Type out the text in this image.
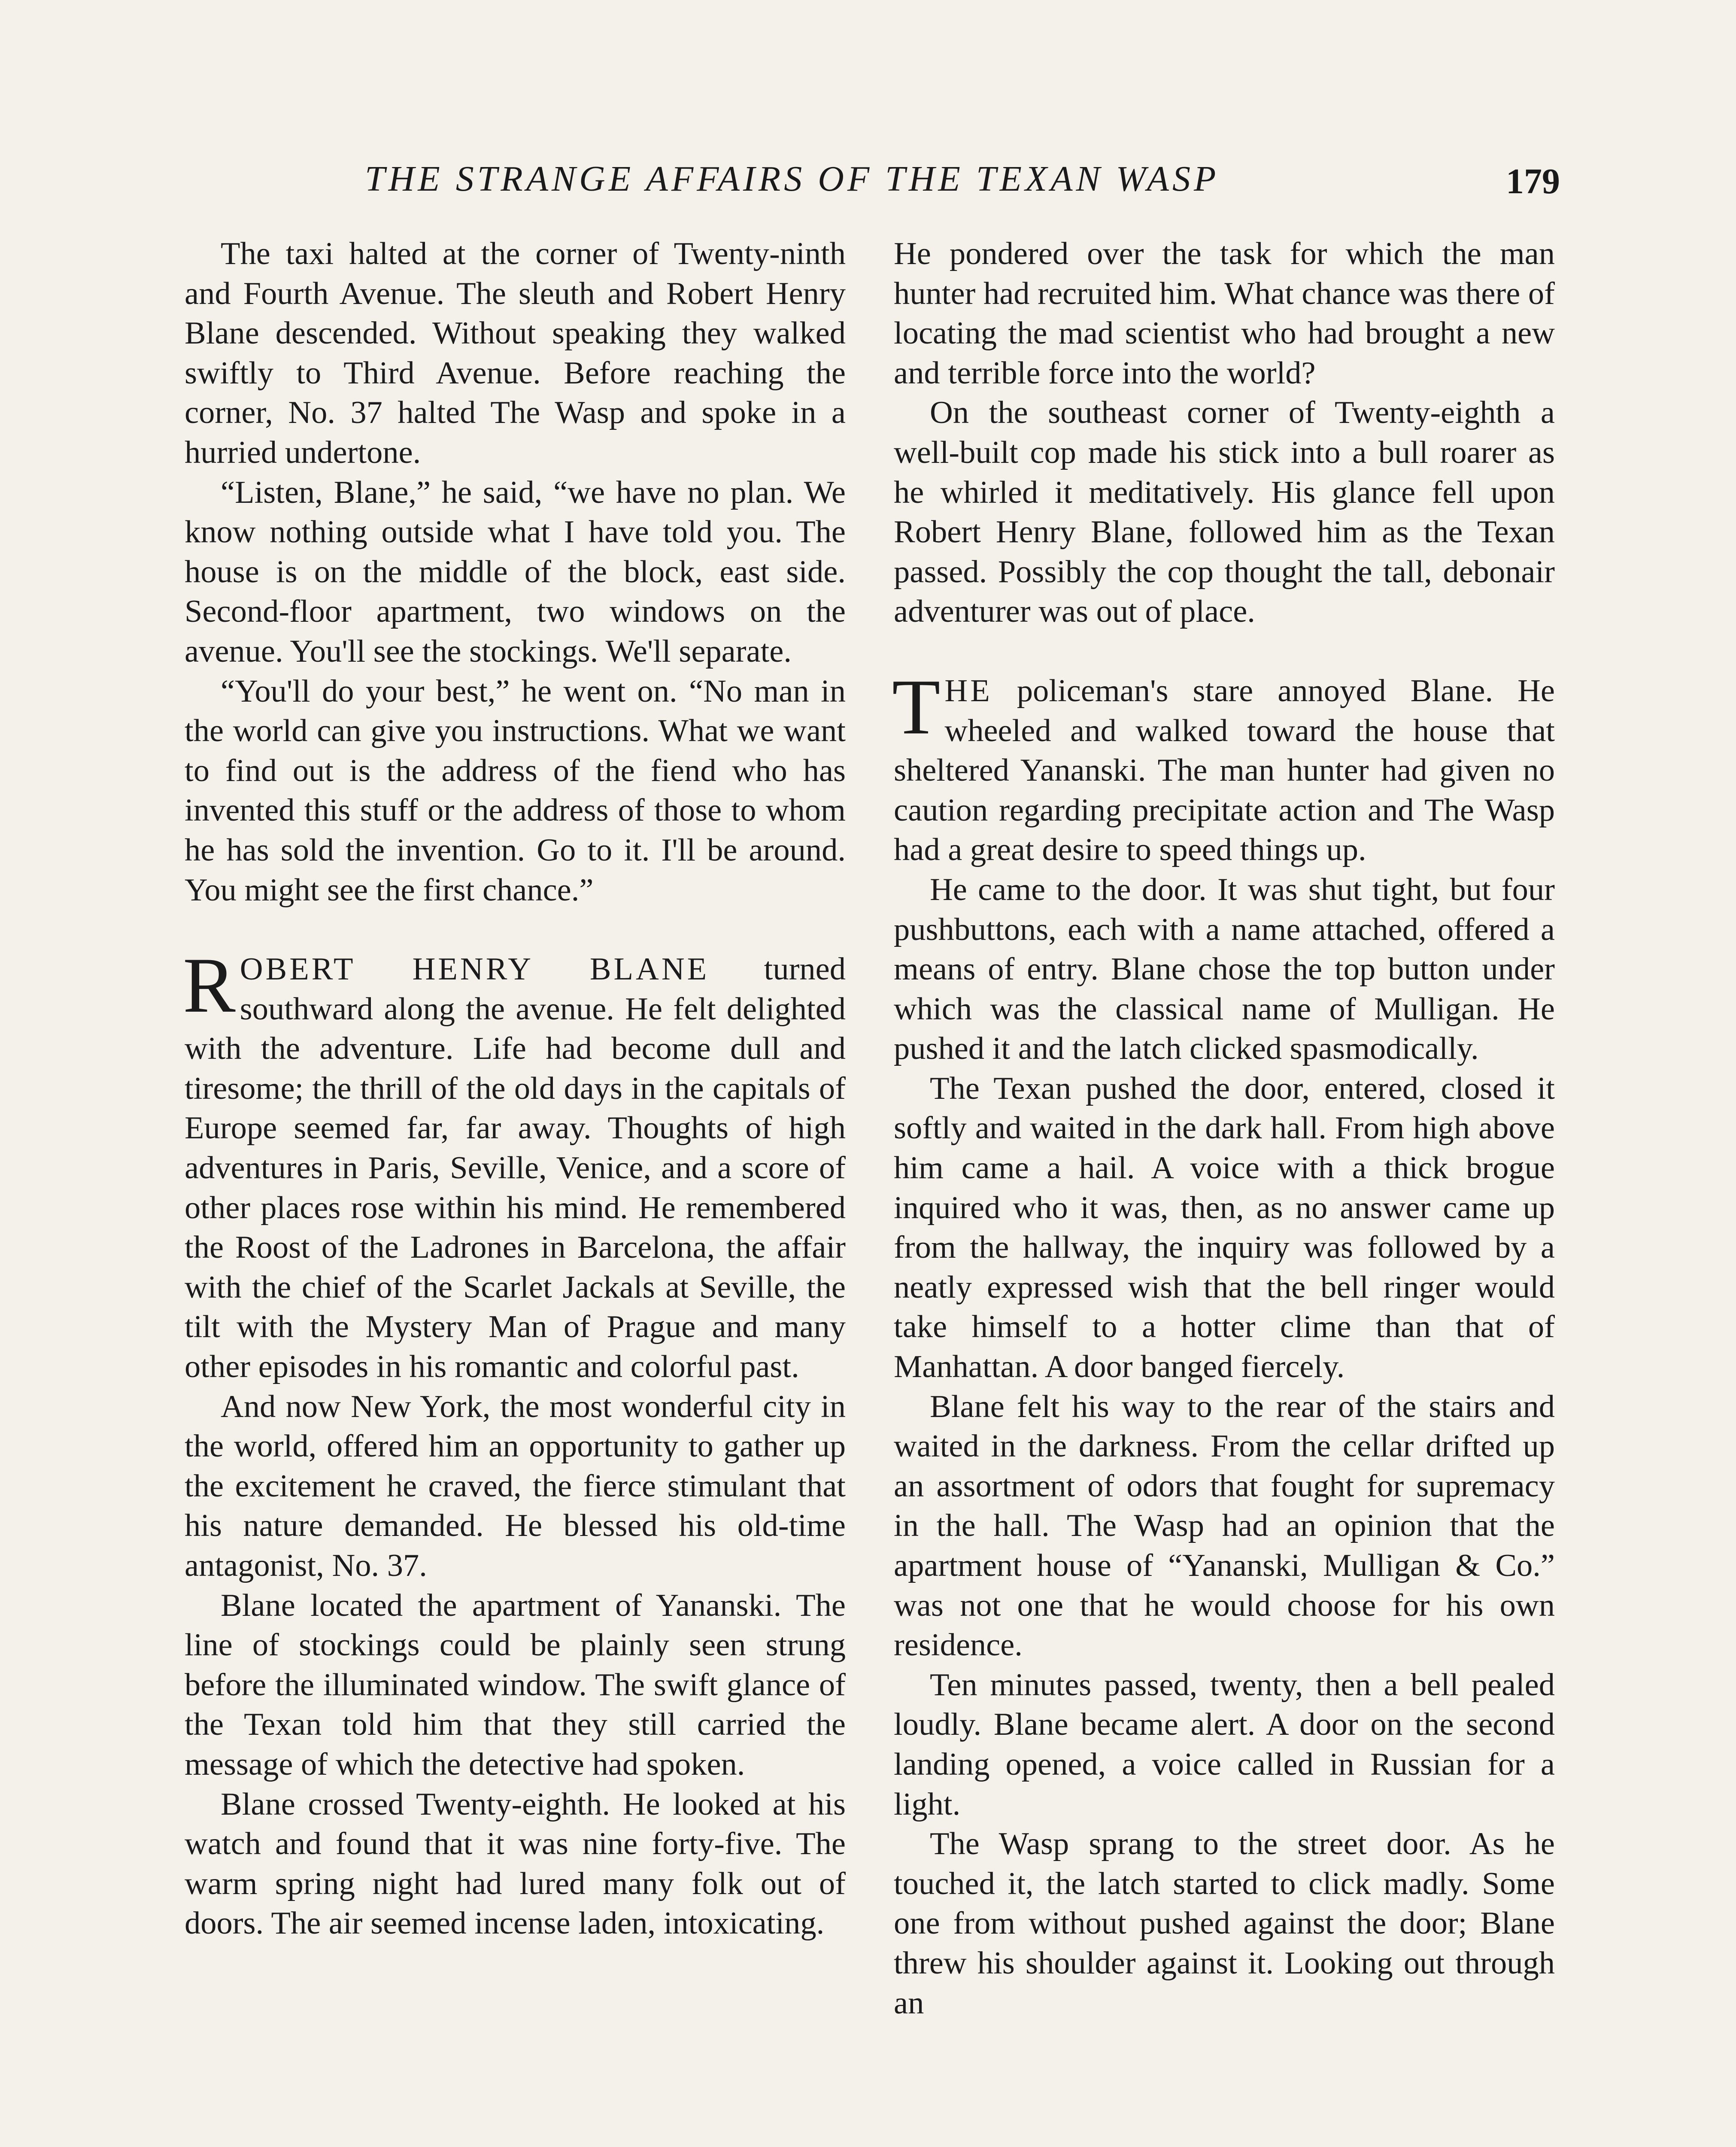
THE STRANGE AFFAIRS OF THE TEXAN WASP	179

The taxi halted at the corner of Twenty-ninth and Fourth Avenue. The sleuth and Robert Henry Blane descended. Without speaking they walked swiftly to Third Avenue. Before reaching the corner, No. 37 halted The Wasp and spoke in a hurried undertone.

“Listen, Blane,” he said, “we have no plan. We know nothing outside what I have told you. The house is on the middle of the block, east side. Second-floor apartment, two windows on the avenue. You'll see the stockings. We'll separate.

“You'll do your best,” he went on. “No man in the world can give you instructions. What we want to find out is the address of the fiend who has invented this stuff or the address of those to whom he has sold the invention. Go to it. I'll be around. You might see the first chance.”

ROBERT HENRY BLANE turned southward along the avenue. He felt delighted with the adventure. Life had become dull and tiresome; the thrill of the old days in the capitals of Europe seemed far, far away. Thoughts of high adventures in Paris, Seville, Venice, and a score of other places rose within his mind. He remembered the Roost of the Ladrones in Barcelona, the affair with the chief of the Scarlet Jackals at Seville, the tilt with the Mystery Man of Prague and many other episodes in his romantic and colorful past.

And now New York, the most wonderful city in the world, offered him an opportunity to gather up the excitement he craved, the fierce stimulant that his nature demanded. He blessed his old-time antagonist, No. 37.

Blane located the apartment of Yananski. The line of stockings could be plainly seen strung before the illuminated window. The swift glance of the Texan told him that they still carried the message of which the detective had spoken.

Blane crossed Twenty-eighth. He looked at his watch and found that it was nine forty-five. The warm spring night had lured many folk out of doors. The air seemed incense laden, intoxicating.

He pondered over the task for which the man hunter had recruited him. What chance was there of locating the mad scientist who had brought a new and terrible force into the world?

On the southeast corner of Twenty-eighth a well-built cop made his stick into a bull roarer as he whirled it meditatively. His glance fell upon Robert Henry Blane, followed him as the Texan passed. Possibly the cop thought the tall, debonair adventurer was out of place.

THE policeman's stare annoyed Blane. He wheeled and walked toward the house that sheltered Yananski. The man hunter had given no caution regarding precipitate action and The Wasp had a great desire to speed things up.

He came to the door. It was shut tight, but four pushbuttons, each with a name attached, offered a means of entry. Blane chose the top button under which was the classical name of Mulligan. He pushed it and the latch clicked spasmodically.

The Texan pushed the door, entered, closed it softly and waited in the dark hall. From high above him came a hail. A voice with a thick brogue inquired who it was, then, as no answer came up from the hallway, the inquiry was followed by a neatly expressed wish that the bell ringer would take himself to a hotter clime than that of Manhattan. A door banged fiercely.

Blane felt his way to the rear of the stairs and waited in the darkness. From the cellar drifted up an assortment of odors that fought for supremacy in the hall. The Wasp had an opinion that the apartment house of “Yananski, Mulligan & Co.” was not one that he would choose for his own residence.

Ten minutes passed, twenty, then a bell pealed loudly. Blane became alert. A door on the second landing opened, a voice called in Russian for a light.

The Wasp sprang to the street door. As he touched it, the latch started to click madly. Some one from without pushed against the door; Blane threw his shoulder against it. Looking out through an
